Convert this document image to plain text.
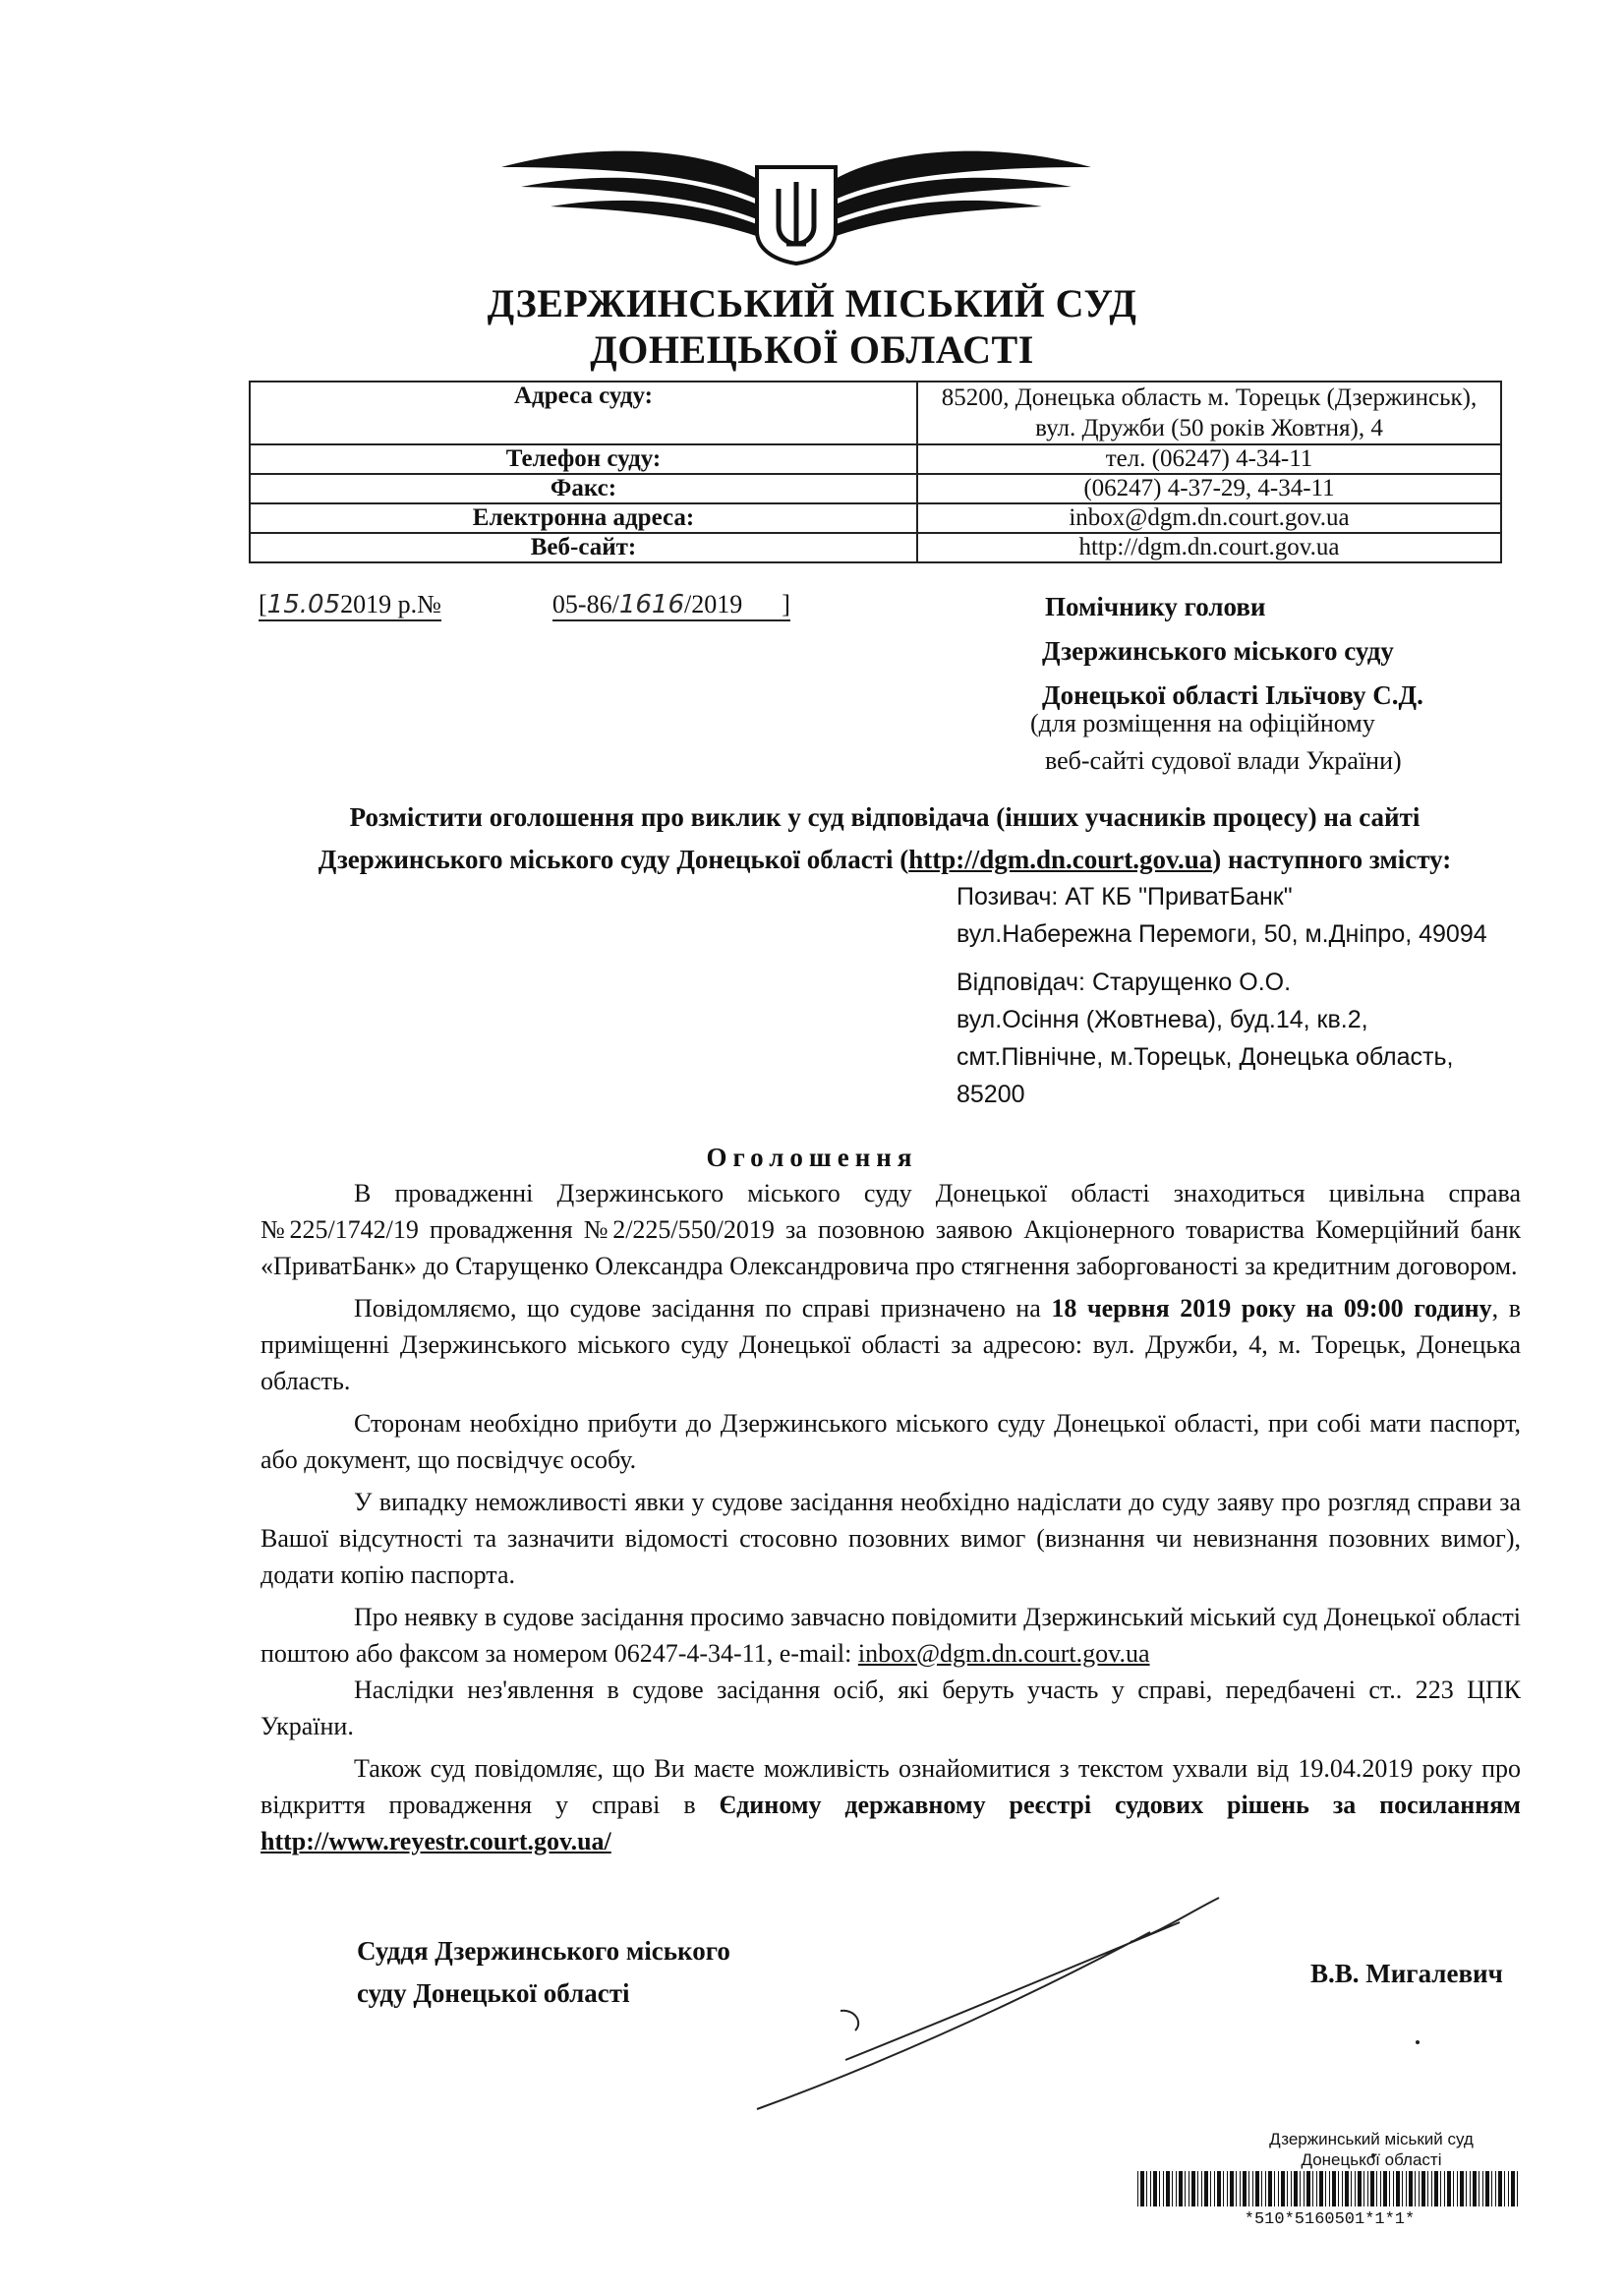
ДЗЕРЖИНСЬКИЙ МІСЬКИЙ СУД
ДОНЕЦЬКОЇ ОБЛАСТІ
Адреса суду:	85200, Донецька область м. Торецьк (Дзержинськ), вул. Дружби (50 років Жовтня), 4
Телефон суду:	тел. (06247) 4-34-11
Факс:	(06247) 4-37-29, 4-34-11
Електронна адреса:	inbox@dgm.dn.court.gov.ua
Веб-сайт:	http://dgm.dn.court.gov.ua
[15.052019 р.№	05-86/1616/2019 ]	Помічнику голови
Дзержинського міського суду
Донецької області Ільїчову С.Д.
(для розміщення на офіційному
веб-сайті судової влади України)
Розмістити оголошення про виклик у суд відповідача (інших учасників процесу) на сайті
Дзержинського міського суду Донецької області (http://dgm.dn.court.gov.ua) наступного змісту:
Позивач: АТ КБ "ПриватБанк"
вул.Набережна Перемоги, 50, м.Дніпро, 49094
Відповідач: Старущенко О.О.
вул.Осіння (Жовтнева), буд.14, кв.2,
смт.Північне, м.Торецьк, Донецька область,
85200
Оголошення

В провадженні Дзержинського міського суду Донецької області знаходиться цивільна справа №225/1742/19 провадження №2/225/550/2019 за позовною заявою Акціонерного товариства Комерційний банк «ПриватБанк» до Старущенко Олександра Олександровича про стягнення заборгованості за кредитним договором.

Повідомляємо, що судове засідання по справі призначено на 18 червня 2019 року на 09:00 годину, в приміщенні Дзержинського міського суду Донецької області за адресою: вул. Дружби, 4, м. Торецьк, Донецька область.

Сторонам необхідно прибути до Дзержинського міського суду Донецької області, при собі мати паспорт, або документ, що посвідчує особу.

У випадку неможливості явки у судове засідання необхідно надіслати до суду заяву про розгляд справи за Вашої відсутності та зазначити відомості стосовно позовних вимог (визнання чи невизнання позовних вимог), додати копію паспорта.

Про неявку в судове засідання просимо завчасно повідомити Дзержинський міський суд Донецької області поштою або факсом за номером 06247-4-34-11, e-mail: inbox@dgm.dn.court.gov.ua

Наслідки нез'явлення в судове засідання осіб, які беруть участь у справі, передбачені ст.. 223 ЦПК України.

Також суд повідомляє, що Ви маєте можливість ознайомитися з текстом ухвали від 19.04.2019 року про відкриття провадження у справі в Єдиному державному реєстрі судових рішень за посиланням http://www.reyestr.court.gov.ua/

Суддя Дзержинського міського
суду Донецької області
В.В. Мигалевич
Дзержинський міський суд
Донецької області
*510*5160501*1*1*
